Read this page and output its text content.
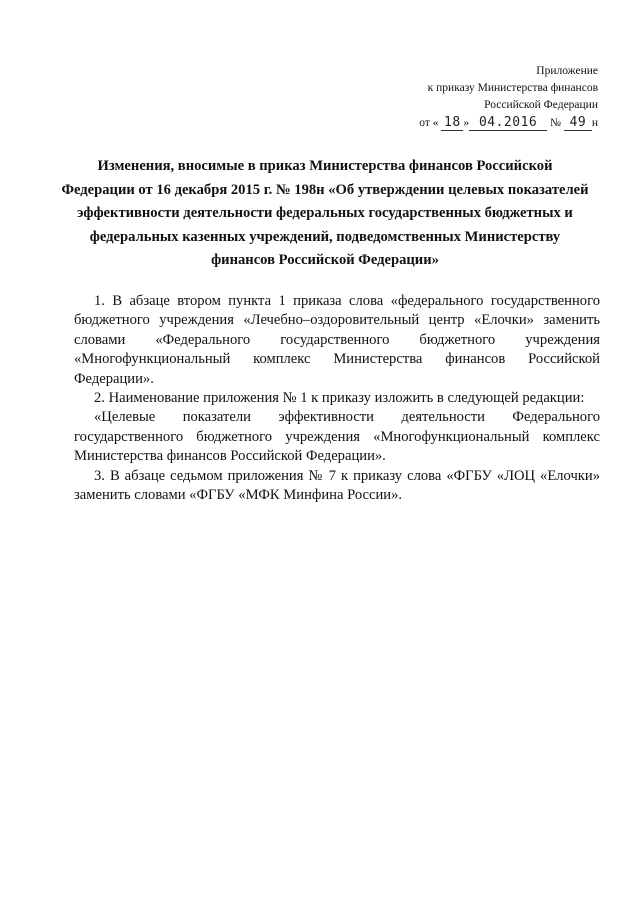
Приложение
к приказу Министерства финансов
Российской Федерации
от « 18 » 04.2016 № 49 н
Изменения, вносимые в приказ Министерства финансов Российской Федерации от 16 декабря 2015 г. № 198н «Об утверждении целевых показателей эффективности деятельности федеральных государственных бюджетных и федеральных казенных учреждений, подведомственных Министерству финансов Российской Федерации»

1. В абзаце втором пункта 1 приказа слова «федерального государственного бюджетного учреждения «Лечебно–оздоровительный центр «Елочки» заменить словами «Федерального государственного бюджетного учреждения «Многофункциональный комплекс Министерства финансов Российской Федерации».

2. Наименование приложения № 1 к приказу изложить в следующей редакции:

«Целевые показатели эффективности деятельности Федерального государственного бюджетного учреждения «Многофункциональный комплекс Министерства финансов Российской Федерации».

3. В абзаце седьмом приложения № 7 к приказу слова «ФГБУ «ЛОЦ «Елочки» заменить словами «ФГБУ «МФК Минфина России».
